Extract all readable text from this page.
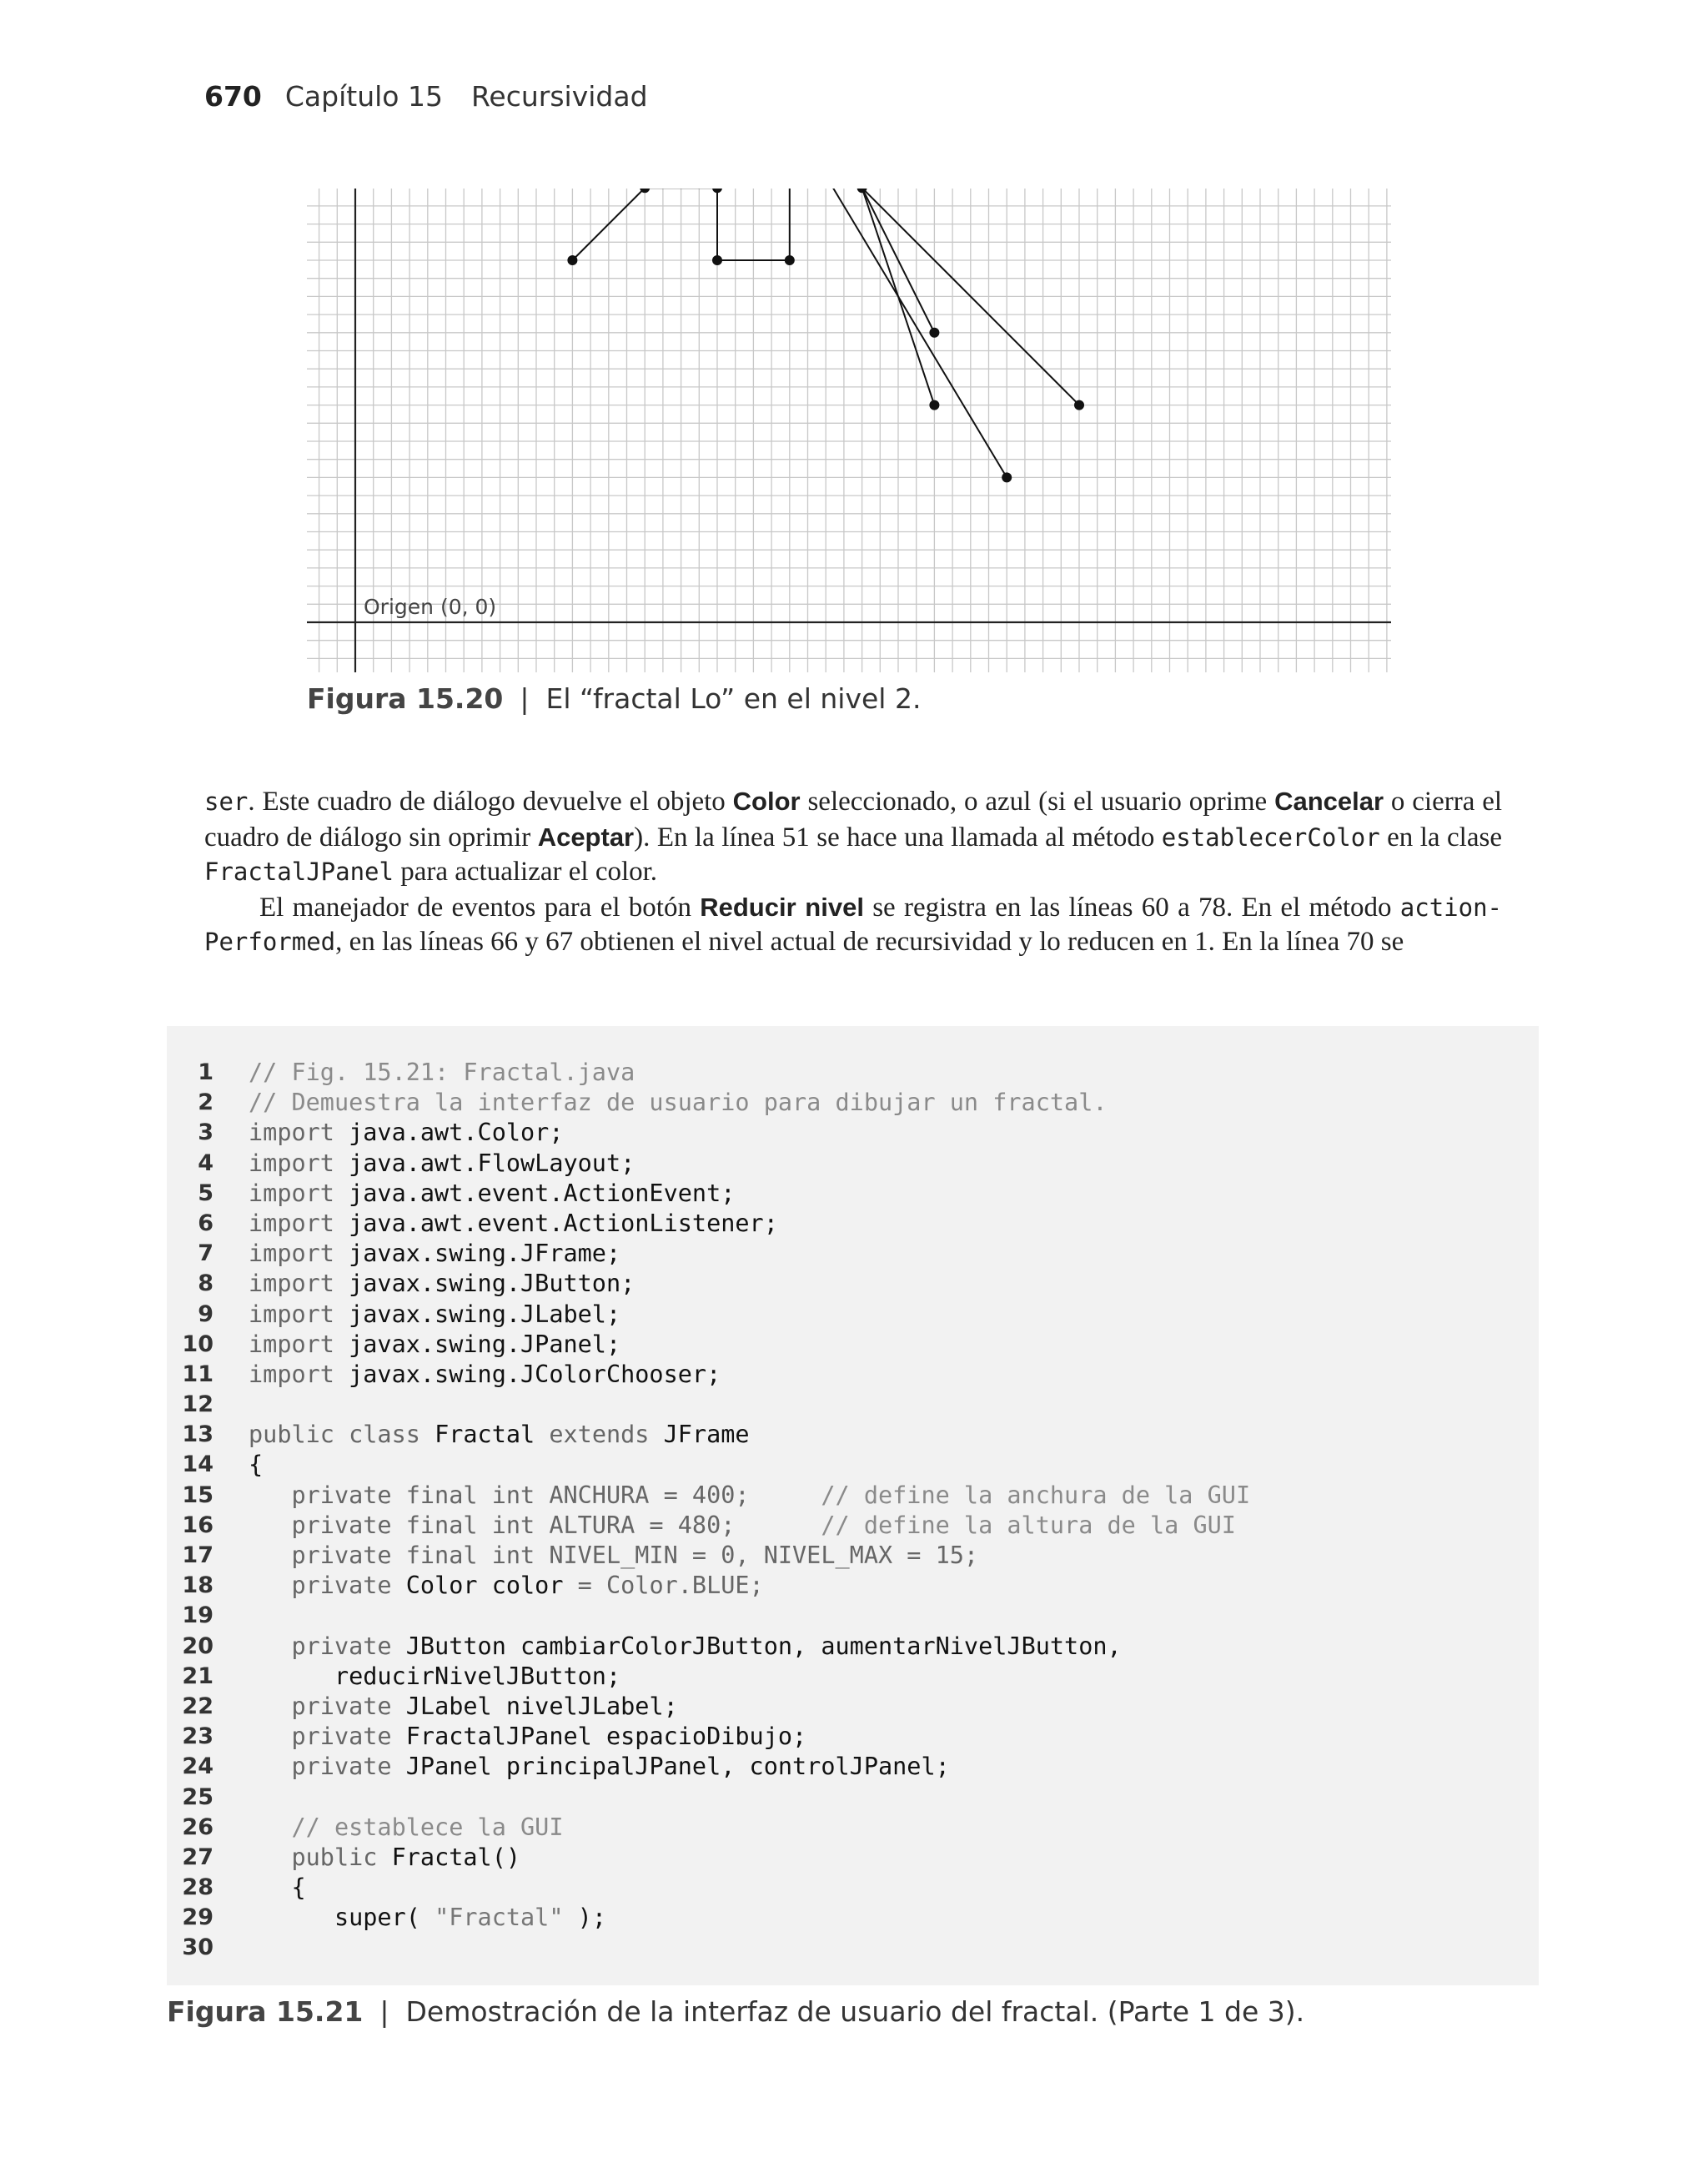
670 Capítulo 15 Recursividad
Origen (0, 0)
Figura 15.20 | El “fractal Lo” en el nivel 2.

ser. Este cuadro de diálogo devuelve el objeto Color seleccionado, o azul (si el usuario oprime Cancelar o cierra el cuadro de diálogo sin oprimir Aceptar). En la línea 51 se hace una llamada al método establecerColor en la clase FractalJPanel para actualizar el color.

El manejador de eventos para el botón Reducir nivel se registra en las líneas 60 a 78. En el método action-Performed, en las líneas 66 y 67 obtienen el nivel actual de recursividad y lo reducen en 1. En la línea 70 se

1 // Fig. 15.21: Fractal.java
2 // Demuestra la interfaz de usuario para dibujar un fractal.
3 import java.awt.Color;
4 import java.awt.FlowLayout;
5 import java.awt.event.ActionEvent;
6 import java.awt.event.ActionListener;
7 import javax.swing.JFrame;
8 import javax.swing.JButton;
9 import javax.swing.JLabel;
10 import javax.swing.JPanel;
11 import javax.swing.JColorChooser;
12
13 public class Fractal extends JFrame
14 {
15 private final int ANCHURA = 400;     // define la anchura de la GUI
16 private final int ALTURA = 480;      // define la altura de la GUI
17 private final int NIVEL_MIN = 0, NIVEL_MAX = 15;
18 private Color color = Color.BLUE;
19
20 private JButton cambiarColorJButton, aumentarNivelJButton,
21 reducirNivelJButton;
22 private JLabel nivelJLabel;
23 private FractalJPanel espacioDibujo;
24 private JPanel principalJPanel, controlJPanel;
25
26 // establece la GUI
27 public Fractal()
28 {
29 super( "Fractal" );
30
Figura 15.21 | Demostración de la interfaz de usuario del fractal. (Parte 1 de 3).
